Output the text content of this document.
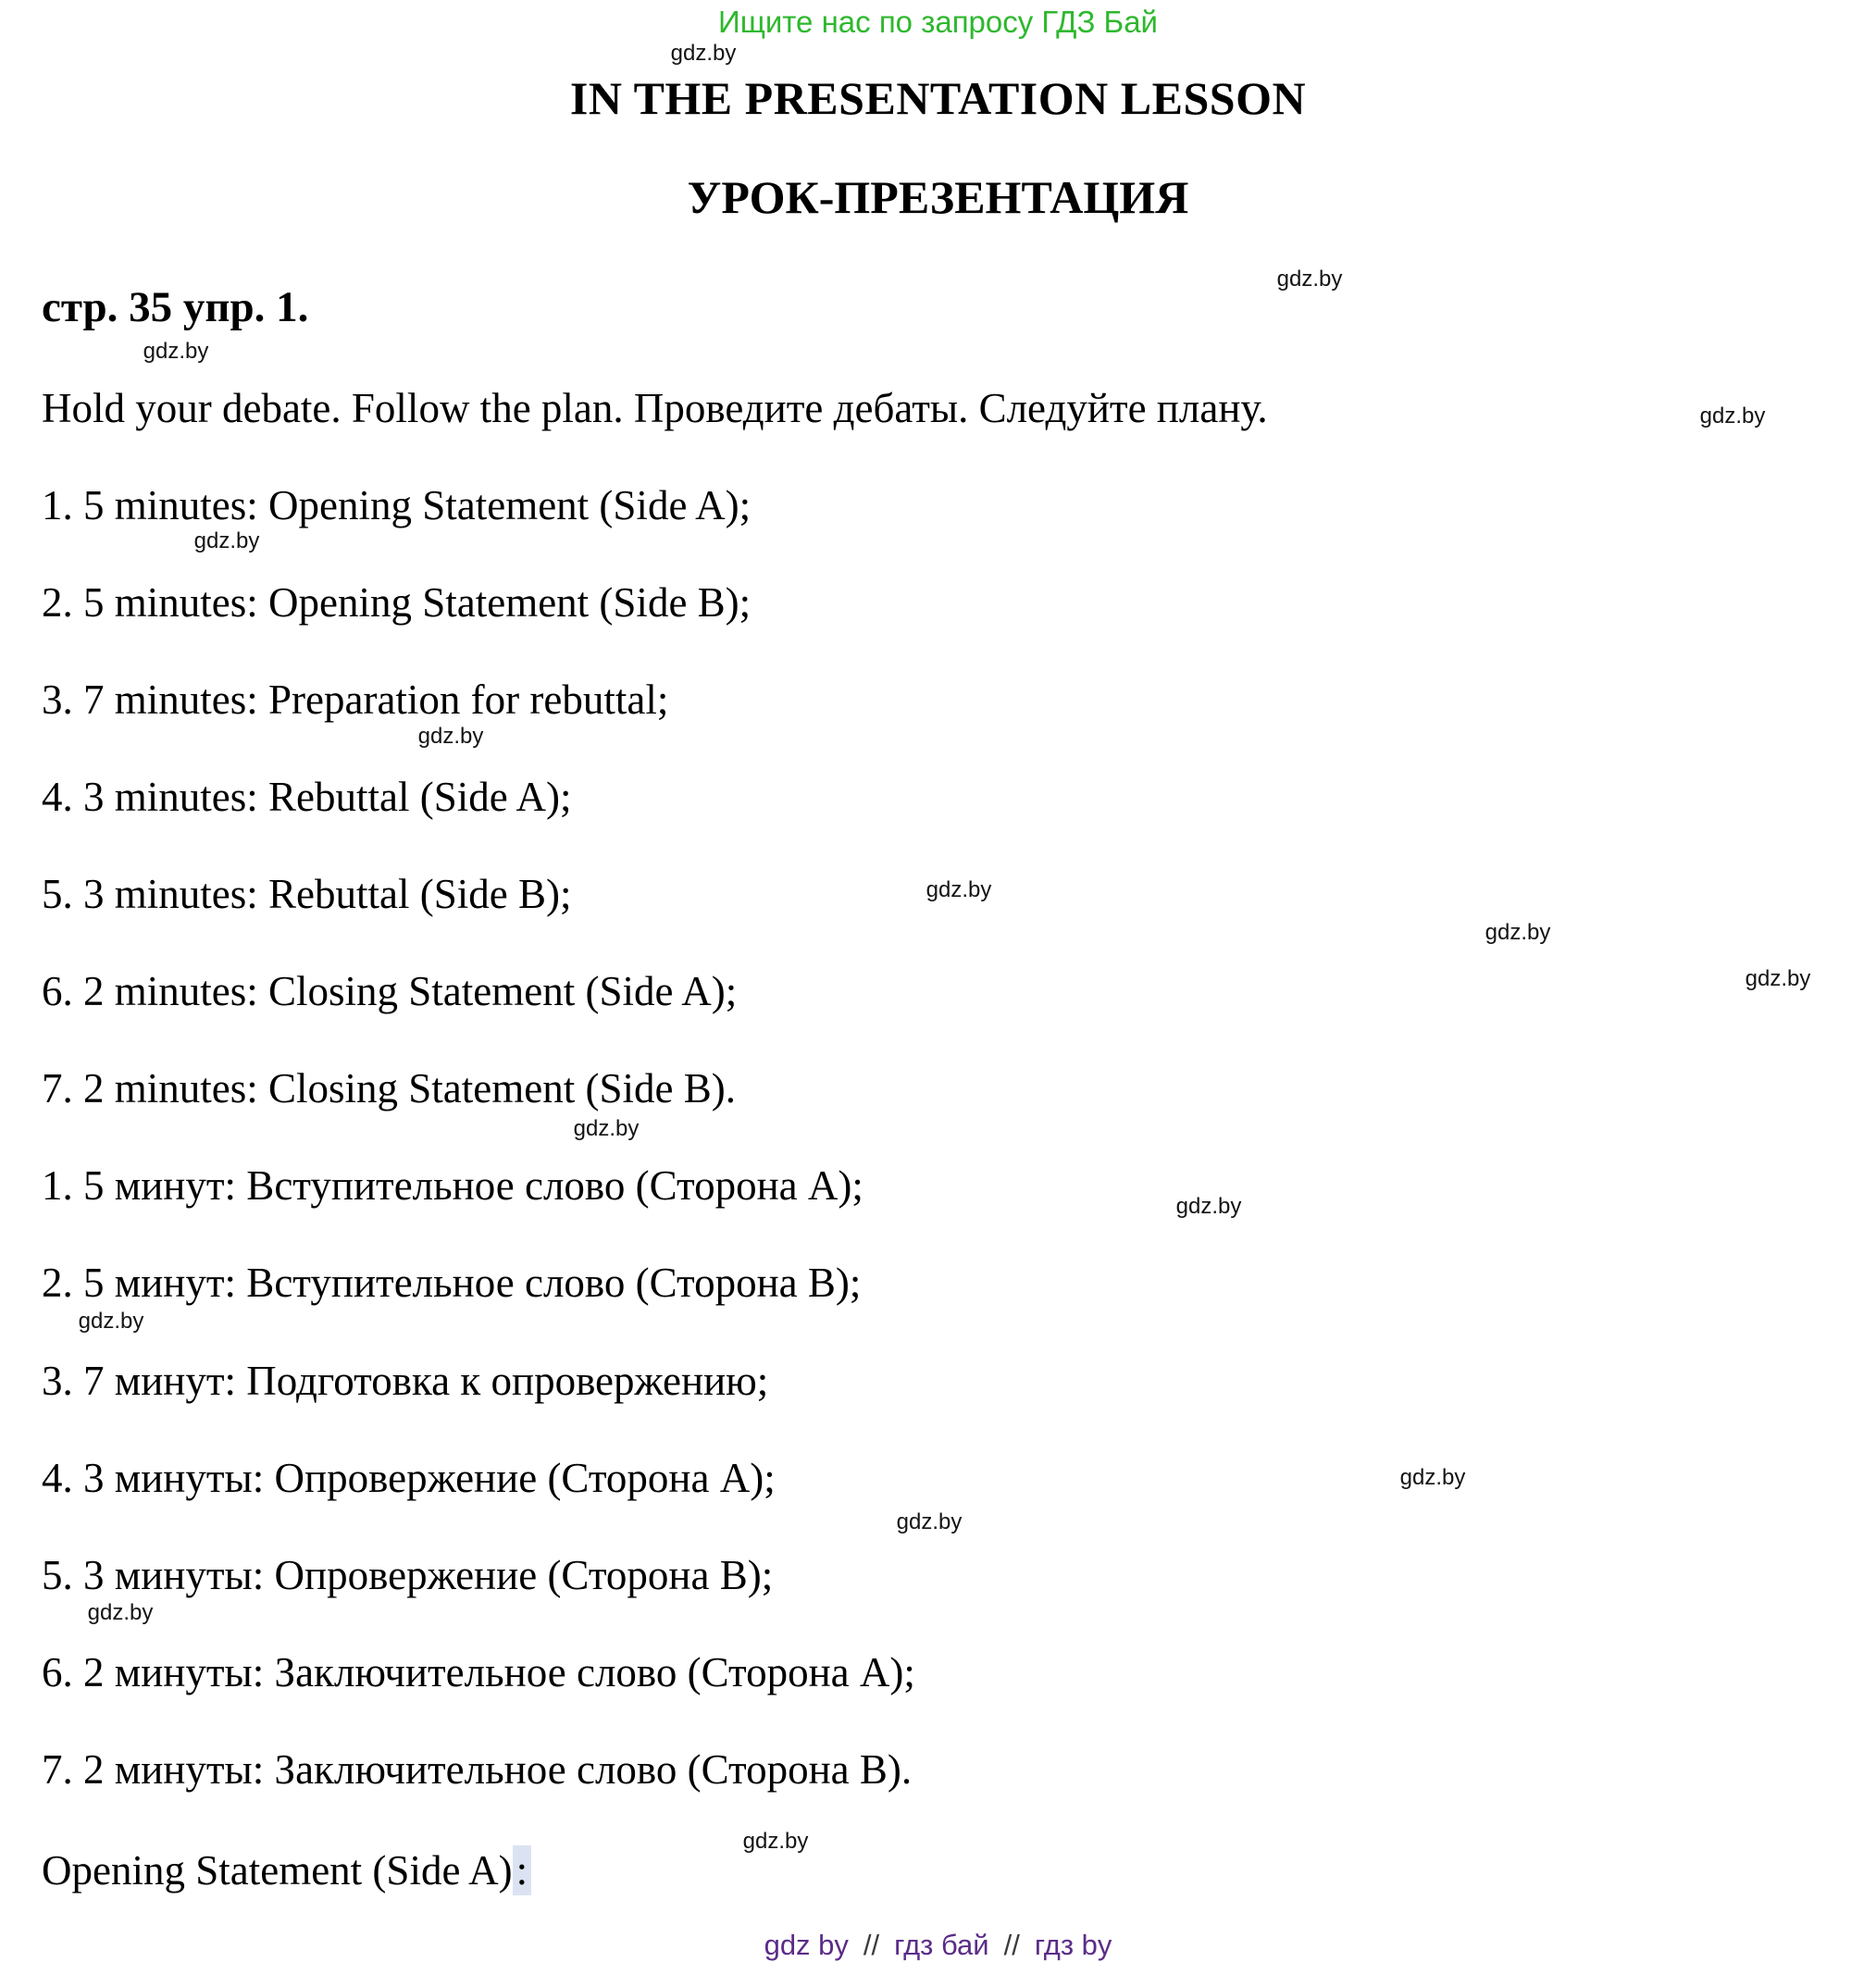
Ищите нас по запросу ГДЗ Бай
IN THE PRESENTATION LESSON
УРОК-ПРЕЗЕНТАЦИЯ
стр. 35 упр. 1.
Hold your debate. Follow the plan. Проведите дебаты. Следуйте плану.
1. 5 minutes: Opening Statement (Side A);
2. 5 minutes: Opening Statement (Side B);
3. 7 minutes: Preparation for rebuttal;
4. 3 minutes: Rebuttal (Side A);
5. 3 minutes: Rebuttal (Side B);
6. 2 minutes: Closing Statement (Side A);
7. 2 minutes: Closing Statement (Side B).
1. 5 минут: Вступительное слово (Сторона A);
2. 5 минут: Вступительное слово (Сторона B);
3. 7 минут: Подготовка к опровержению;
4. 3 минуты: Опровержение (Сторона A);
5. 3 минуты: Опровержение (Сторона B);
6. 2 минуты: Заключительное слово (Сторона A);
7. 2 минуты: Заключительное слово (Сторона B).
Opening Statement (Side A):
gdz by // гдз бай // гдз by
gdz.by
gdz.by
gdz.by
gdz.by
gdz.by
gdz.by
gdz.by
gdz.by
gdz.by
gdz.by
gdz.by
gdz.by
gdz.by
gdz.by
gdz.by
gdz.by
